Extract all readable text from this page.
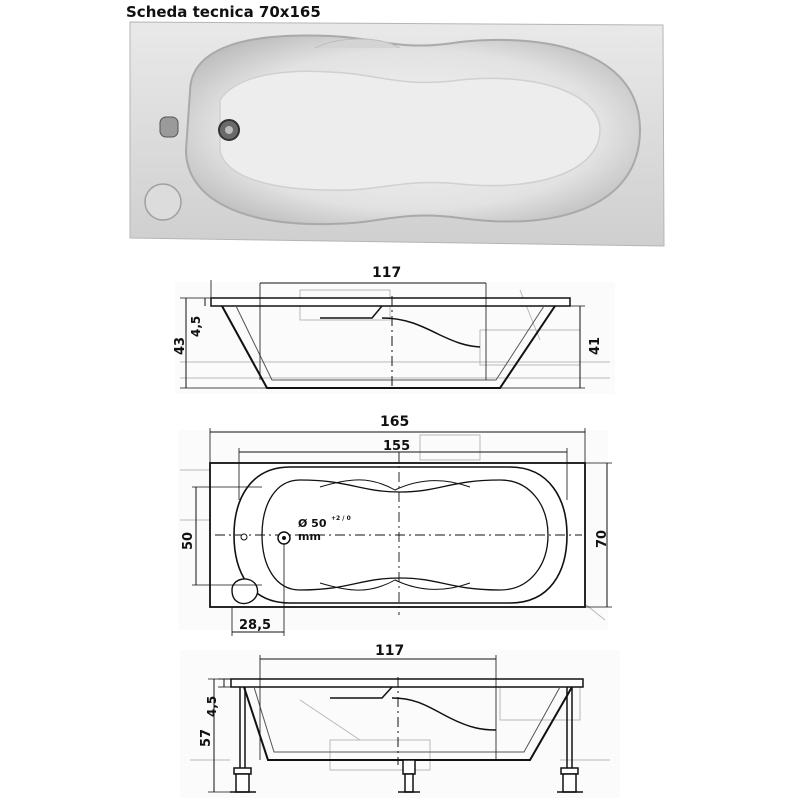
Scheda tecnica 70x165
117
4,5
43	41
165
155
50	70
Ø 50 +2 / 0
mm
28,5
117
4,5
57
